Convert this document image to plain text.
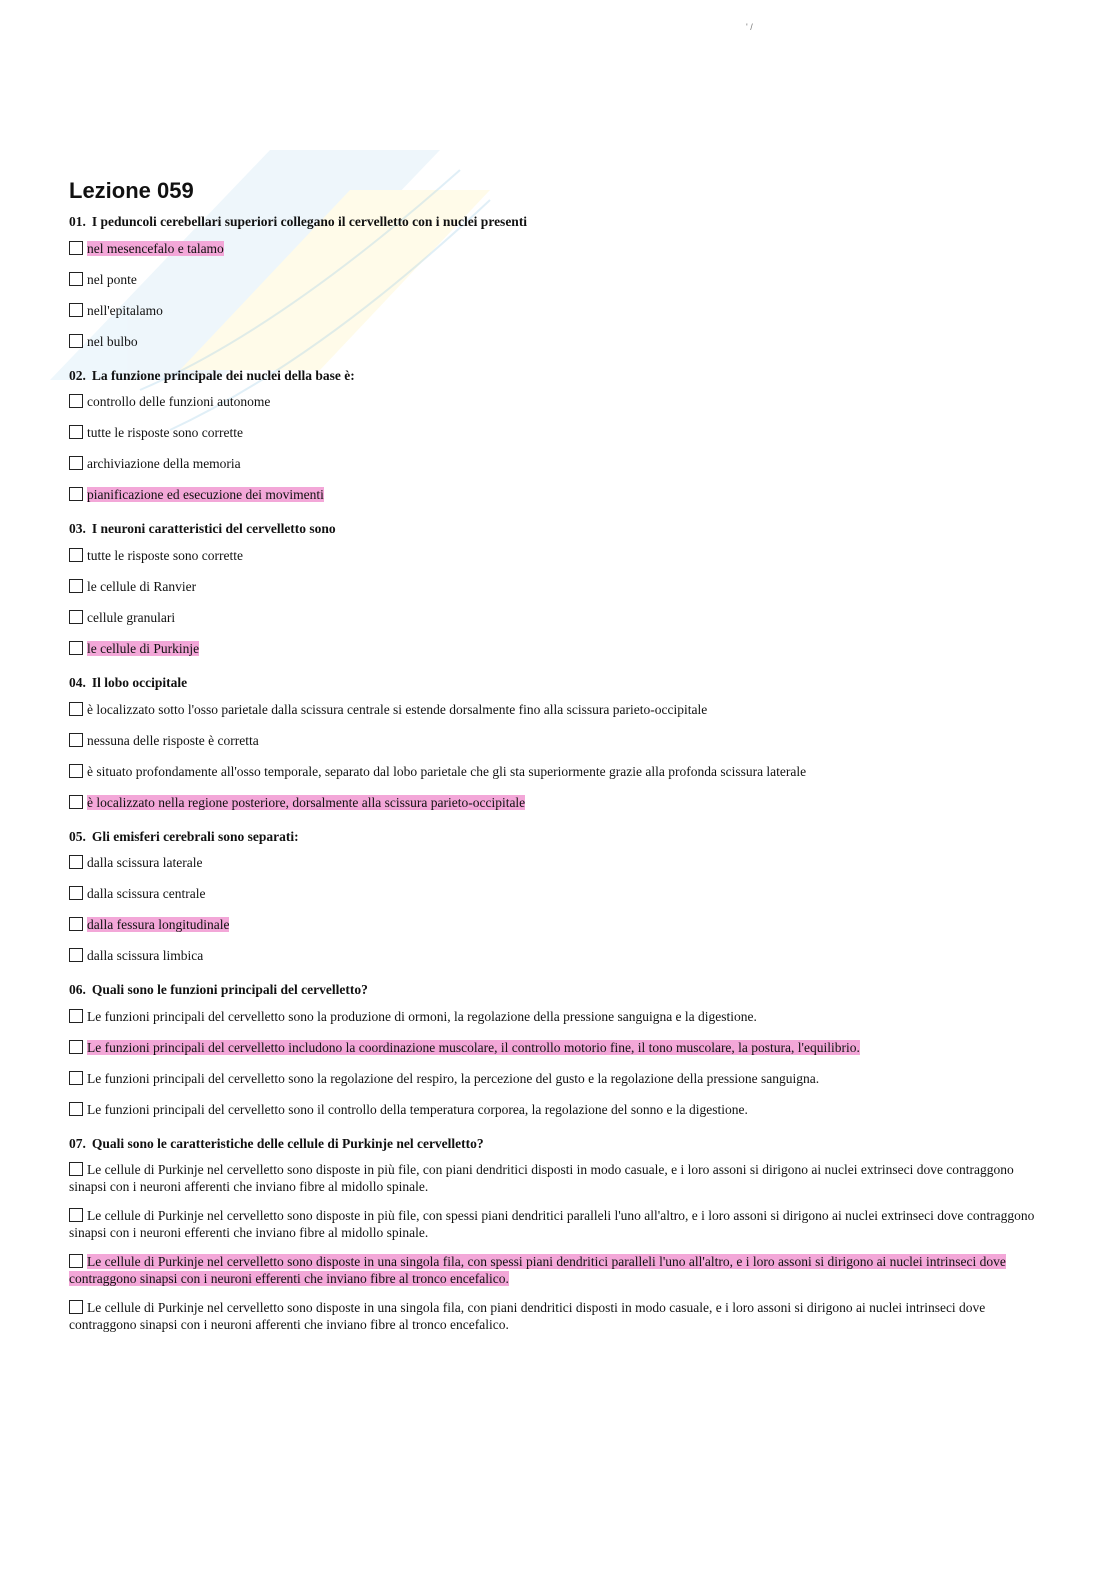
' /
Lezione 059
01. I peduncoli cerebellari superiori collegano il cervelletto con i nuclei presenti
nel mesencefalo e talamo
nel ponte
nell'epitalamo
nel bulbo
02. La funzione principale dei nuclei della base è:
controllo delle funzioni autonome
tutte le risposte sono corrette
archiviazione della memoria
pianificazione ed esecuzione dei movimenti
03. I neuroni caratteristici del cervelletto sono
tutte le risposte sono corrette
le cellule di Ranvier
cellule granulari
le cellule di Purkinje
04. Il lobo occipitale
è localizzato sotto l'osso parietale dalla scissura centrale si estende dorsalmente fino alla scissura parieto-occipitale
nessuna delle risposte è corretta
è situato profondamente all'osso temporale, separato dal lobo parietale che gli sta superiormente grazie alla profonda scissura laterale
è localizzato nella regione posteriore, dorsalmente alla scissura parieto-occipitale
05. Gli emisferi cerebrali sono separati:
dalla scissura laterale
dalla scissura centrale
dalla fessura longitudinale
dalla scissura limbica
06. Quali sono le funzioni principali del cervelletto?
Le funzioni principali del cervelletto sono la produzione di ormoni, la regolazione della pressione sanguigna e la digestione.
Le funzioni principali del cervelletto includono la coordinazione muscolare, il controllo motorio fine, il tono muscolare, la postura, l'equilibrio.
Le funzioni principali del cervelletto sono la regolazione del respiro, la percezione del gusto e la regolazione della pressione sanguigna.
Le funzioni principali del cervelletto sono il controllo della temperatura corporea, la regolazione del sonno e la digestione.
07. Quali sono le caratteristiche delle cellule di Purkinje nel cervelletto?
Le cellule di Purkinje nel cervelletto sono disposte in più file, con piani dendritici disposti in modo casuale, e i loro assoni si dirigono ai nuclei extrinseci dove contraggono sinapsi con i neuroni afferenti che inviano fibre al midollo spinale.
Le cellule di Purkinje nel cervelletto sono disposte in più file, con spessi piani dendritici paralleli l'uno all'altro, e i loro assoni si dirigono ai nuclei extrinseci dove contraggono sinapsi con i neuroni efferenti che inviano fibre al midollo spinale.
Le cellule di Purkinje nel cervelletto sono disposte in una singola fila, con spessi piani dendritici paralleli l'uno all'altro, e i loro assoni si dirigono ai nuclei intrinseci dove contraggono sinapsi con i neuroni efferenti che inviano fibre al tronco encefalico.
Le cellule di Purkinje nel cervelletto sono disposte in una singola fila, con piani dendritici disposti in modo casuale, e i loro assoni si dirigono ai nuclei intrinseci dove contraggono sinapsi con i neuroni afferenti che inviano fibre al tronco encefalico.
